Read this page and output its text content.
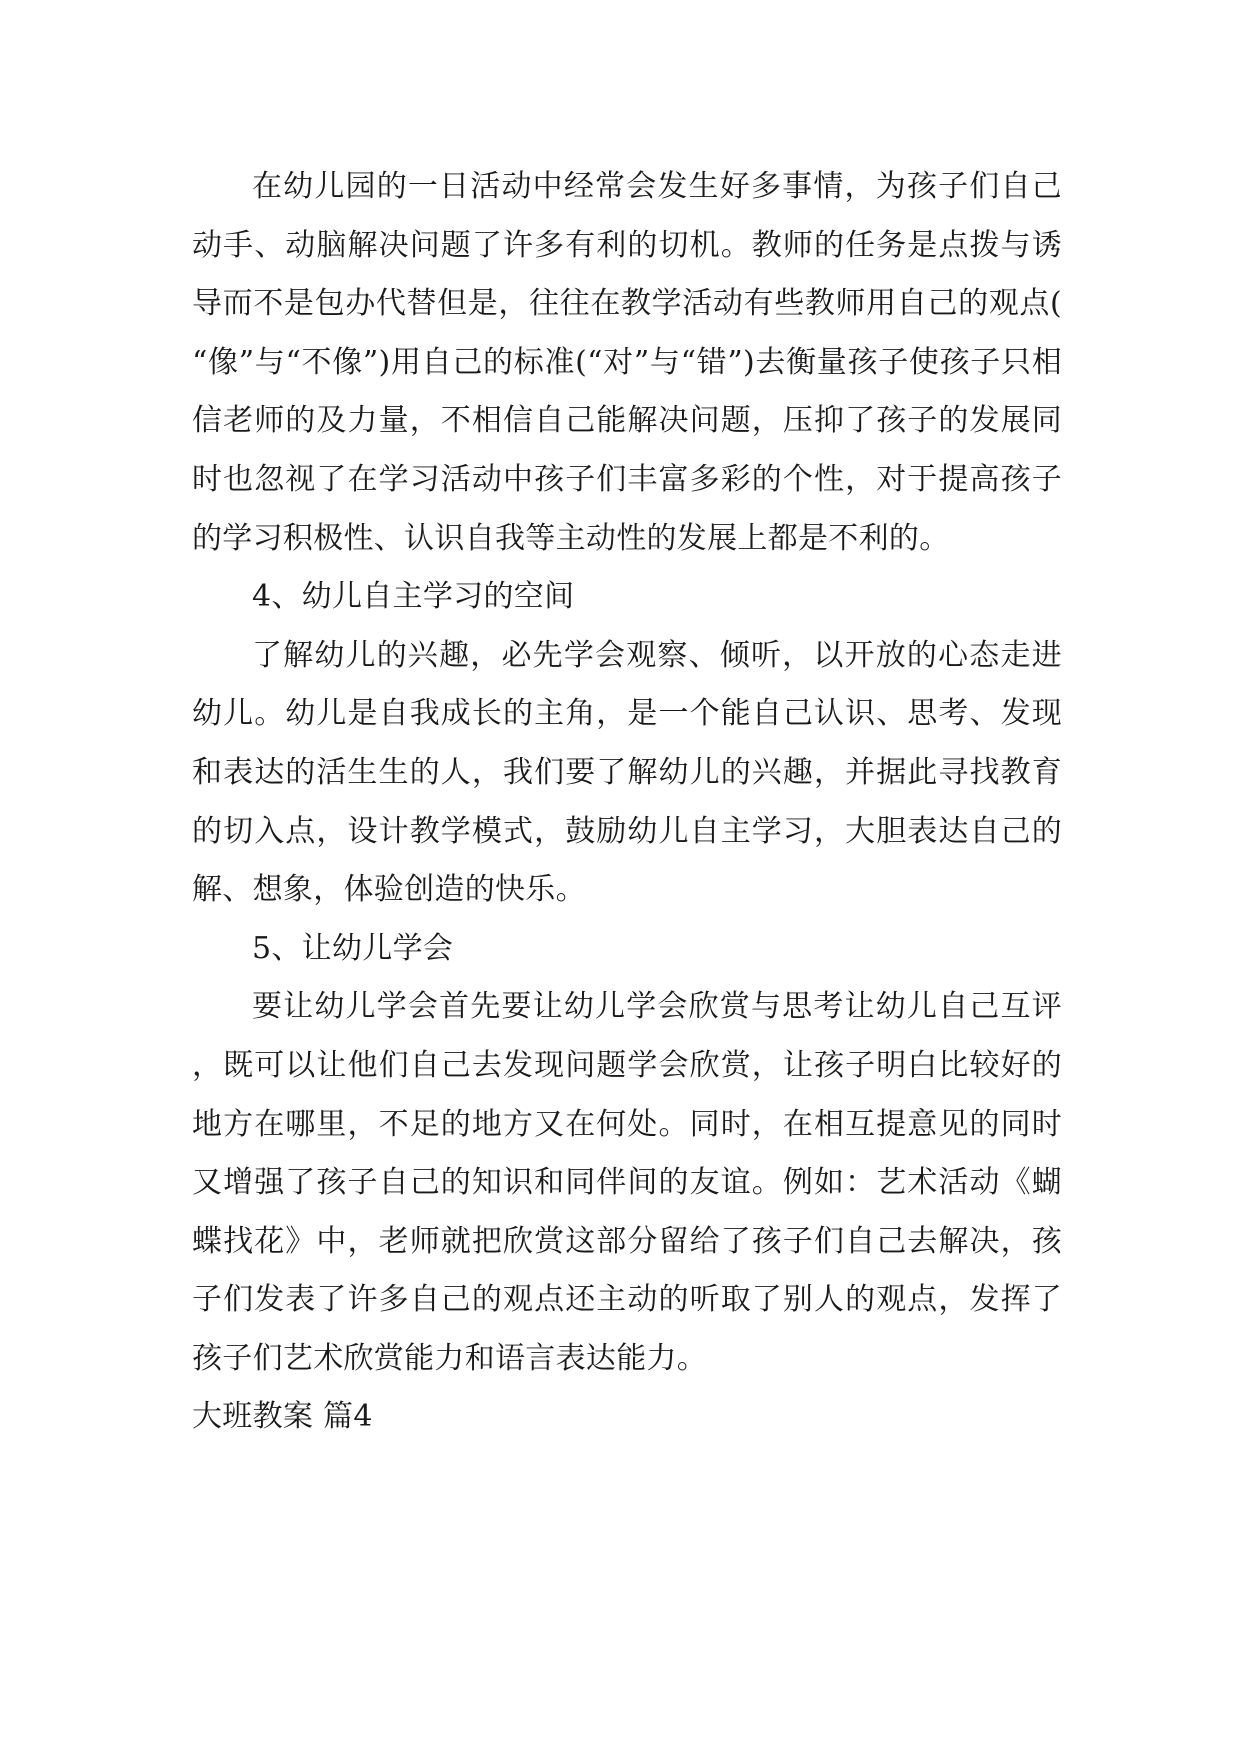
在幼儿园的一日活动中经常会发生好多事情，为孩子们自己动手、动脑解决问题了许多有利的切机。教师的任务是点拨与诱导而不是包办代替但是，往往在教学活动有些教师用自己的观点(“像”与“不像”)用自己的标准(“对”与“错”)去衡量孩子使孩子只相信老师的及力量，不相信自己能解决问题，压抑了孩子的发展同时也忽视了在学习活动中孩子们丰富多彩的个性，对于提高孩子的学习积极性、认识自我等主动性的发展上都是不利的。

4、幼儿自主学习的空间

了解幼儿的兴趣，必先学会观察、倾听，以开放的心态走进幼儿。幼儿是自我成长的主角，是一个能自己认识、思考、发现和表达的活生生的人，我们要了解幼儿的兴趣，并据此寻找教育的切入点，设计教学模式，鼓励幼儿自主学习，大胆表达自己的解、想象，体验创造的快乐。

5、让幼儿学会

要让幼儿学会首先要让幼儿学会欣赏与思考让幼儿自己互评，既可以让他们自己去发现问题学会欣赏，让孩子明白比较好的地方在哪里，不足的地方又在何处。同时，在相互提意见的同时又增强了孩子自己的知识和同伴间的友谊。例如：艺术活动《蝴蝶找花》中，老师就把欣赏这部分留给了孩子们自己去解决，孩子们发表了许多自己的观点还主动的听取了别人的观点，发挥了孩子们艺术欣赏能力和语言表达能力。

大班教案 篇4
